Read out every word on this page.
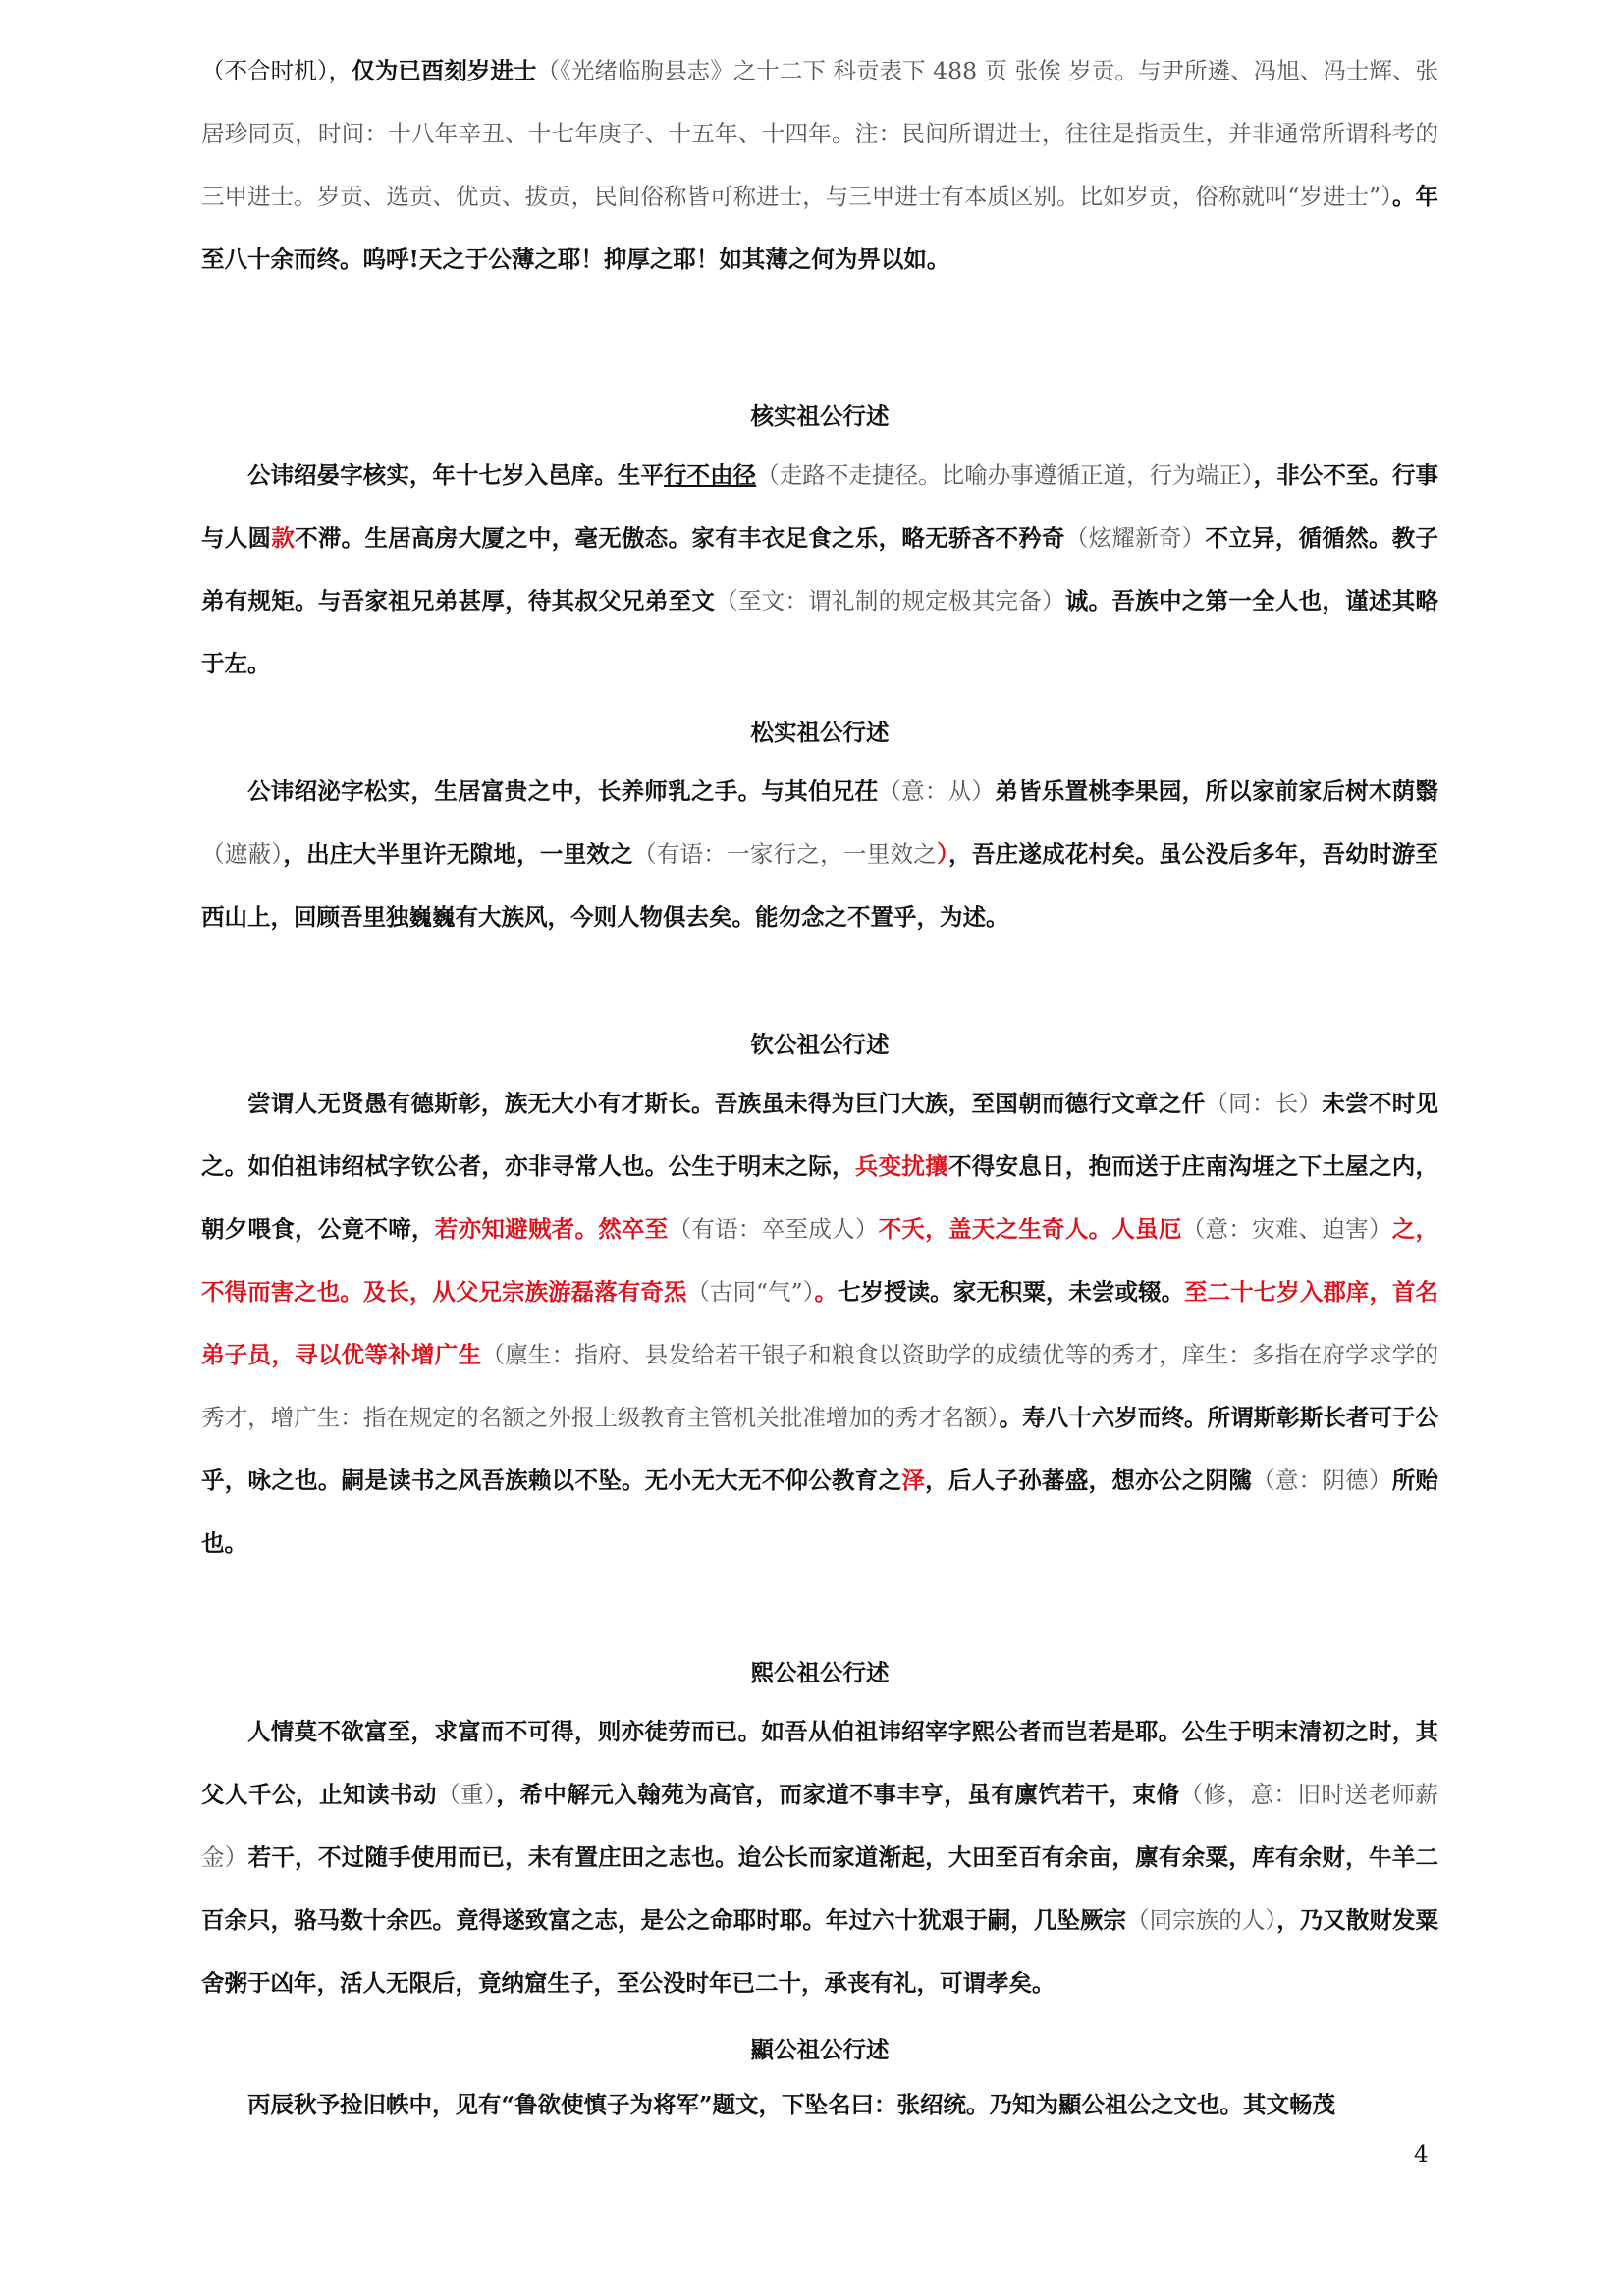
（不合时机），仅为已酉刻岁进士（《光绪临朐县志》之十二下 科贡表下 488 页 张俟 岁贡。与尹所遴、冯旭、冯士辉、张居珍同页，时间：十八年辛丑、十七年庚子、十五年、十四年。注：民间所谓进士，往往是指贡生，并非通常所谓科考的三甲进士。岁贡、选贡、优贡、拔贡，民间俗称皆可称进士，与三甲进士有本质区别。比如岁贡，俗称就叫“岁进士”）。年至八十余而终。呜呼!天之于公薄之耶！抑厚之耶！如其薄之何为畀以如。

核实祖公行述

公讳绍晏字核实，年十七岁入邑庠。生平行不由径（走路不走捷径。比喻办事遵循正道，行为端正），非公不至。行事与人圆款不滞。生居高房大厦之中，毫无傲态。家有丰衣足食之乐，略无骄吝不矜奇（炫耀新奇）不立异，循循然。教子弟有规矩。与吾家祖兄弟甚厚，待其叔父兄弟至文（至文：谓礼制的规定极其完备）诚。吾族中之第一全人也，谨述其略于左。

松实祖公行述

公讳绍泌字松实，生居富贵之中，长养师乳之手。与其伯兄茌（意：从）弟皆乐置桃李果园，所以家前家后树木荫翳（遮蔽），出庄大半里许无隙地，一里效之（有语：一家行之，一里效之），吾庄遂成花村矣。虽公没后多年，吾幼时游至西山上，回顾吾里独巍巍有大族风，今则人物俱去矣。能勿念之不置乎，为述。

钦公祖公行述

尝谓人无贤愚有德斯彰，族无大小有才斯长。吾族虽未得为巨门大族，至国朝而德行文章之仟（同：长）未尝不时见之。如伯祖讳绍栻字钦公者，亦非寻常人也。公生于明末之际，兵变扰攘不得安息日，抱而送于庄南沟堐之下土屋之内，朝夕喂食，公竟不啼，若亦知避贼者。然卒至（有语：卒至成人）不夭，盖天之生奇人。人虽厄（意：灾难、迫害）之，不得而害之也。及长，从父兄宗族游磊落有奇炁（古同“气”）。七岁授读。家无积粟，未尝或辍。至二十七岁入郡庠，首名弟子员，寻以优等补增广生（廪生：指府、县发给若干银子和粮食以资助学的成绩优等的秀才，庠生：多指在府学求学的秀才，增广生：指在规定的名额之外报上级教育主管机关批准增加的秀才名额）。寿八十六岁而终。所谓斯彰斯长者可于公乎，咏之也。嗣是读书之风吾族赖以不坠。无小无大无不仰公教育之泽，后人子孙蕃盛，想亦公之阴隲（意：阴德）所贻也。

熙公祖公行述

人情莫不欲富至，求富而不可得，则亦徒劳而已。如吾从伯祖讳绍宰字熙公者而岂若是耶。公生于明末清初之时，其父人千公，止知读书动（重），希中解元入翰苑为高官，而家道不事丰亨，虽有廪饩若干，束脩（修，意：旧时送老师薪金）若干，不过随手使用而已，未有置庄田之志也。迨公长而家道渐起，大田至百有余亩，廪有余粟，库有余财，牛羊二百余只，骆马数十余匹。竟得遂致富之志，是公之命耶时耶。年过六十犹艰于嗣，几坠厥宗（同宗族的人），乃又散财发粟舍粥于凶年，活人无限后，竟纳窟生子，至公没时年已二十，承丧有礼，可谓孝矣。

顯公祖公行述

丙辰秋予捡旧帙中，见有“鲁欲使慎子为将军”题文，下坠名曰：张绍统。乃知为顯公祖公之文也。其文畅茂

4
